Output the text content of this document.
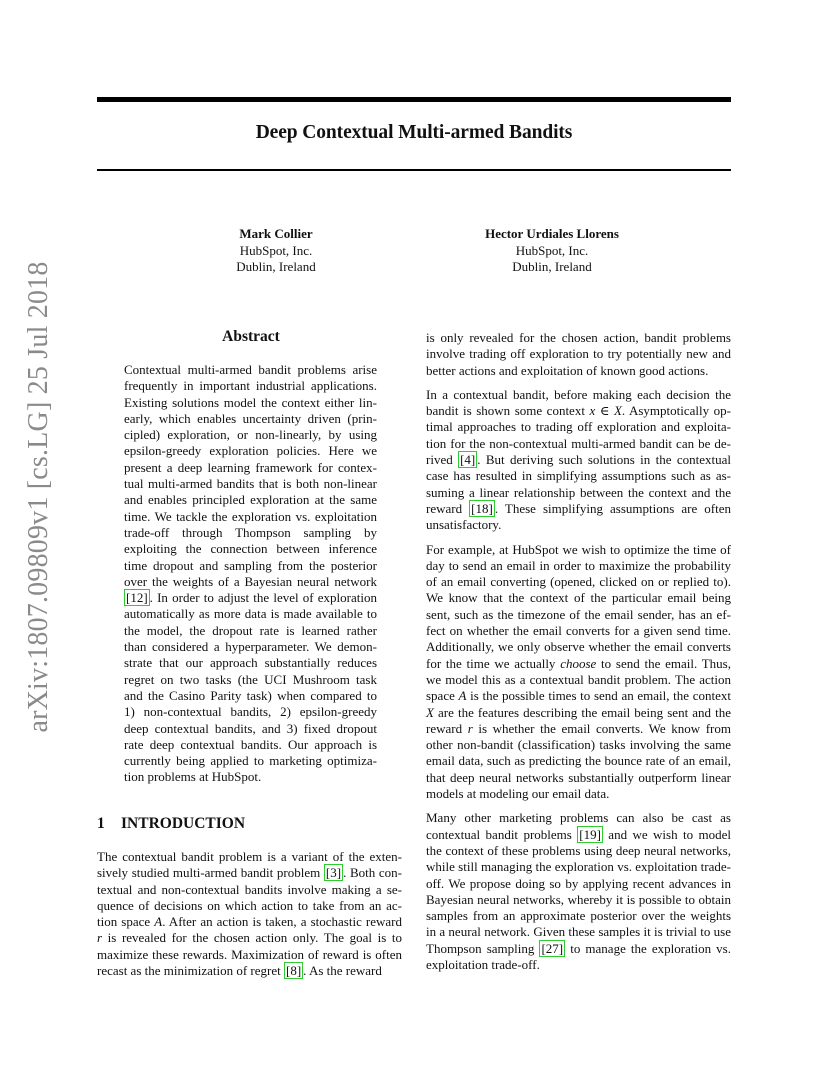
arXiv:1807.09809v1 [cs.LG] 25 Jul 2018
Deep Contextual Multi-armed Bandits
Mark Collier
HubSpot, Inc.
Dublin, Ireland
Hector Urdiales Llorens
HubSpot, Inc.
Dublin, Ireland
Abstract
Contextual multi-armed bandit problems arise frequently in important industrial applications. Existing solutions model the context either linearly, which enables uncertainty driven (principled) exploration, or non-linearly, by using epsilon-greedy exploration policies. Here we present a deep learning framework for contextual multi-armed bandits that is both non-linear and enables principled exploration at the same time. We tackle the exploration vs. exploitation trade-off through Thompson sampling by exploiting the connection between inference time dropout and sampling from the posterior over the weights of a Bayesian neural network [12] . In order to adjust the level of exploration automatically as more data is made available to the model, the dropout rate is learned rather than considered a hyperparameter. We demonstrate that our approach substantially reduces regret on two tasks (the UCI Mushroom task and the Casino Parity task) when compared to 1) non-contextual bandits, 2) epsilon-greedy deep contextual bandits, and 3) fixed dropout rate deep contextual bandits. Our approach is currently being applied to marketing optimization problems at HubSpot.
1 INTRODUCTION
The contextual bandit problem is a variant of the extensively studied multi-armed bandit problem [3] . Both contextual and non-contextual bandits involve making a sequence of decisions on which action to take from an action space A. After an action is taken, a stochastic reward r is revealed for the chosen action only. The goal is to maximize these rewards. Maximization of reward is often recast as the minimization of regret [8] . As the reward

is only revealed for the chosen action, bandit problems involve trading off exploration to try potentially new and better actions and exploitation of known good actions.

In a contextual bandit, before making each decision the bandit is shown some context x ∈ X. Asymptotically optimal approaches to trading off exploration and exploitation for the non-contextual multi-armed bandit can be derived [4] . But deriving such solutions in the contextual case has resulted in simplifying assumptions such as assuming a linear relationship between the context and the reward [18] . These simplifying assumptions are often unsatisfactory.

For example, at HubSpot we wish to optimize the time of day to send an email in order to maximize the probability of an email converting (opened, clicked on or replied to). We know that the context of the particular email being sent, such as the timezone of the email sender, has an effect on whether the email converts for a given send time. Additionally, we only observe whether the email converts for the time we actually choose to send the email. Thus, we model this as a contextual bandit problem. The action space A is the possible times to send an email, the context X are the features describing the email being sent and the reward r is whether the email converts. We know from other non-bandit (classification) tasks involving the same email data, such as predicting the bounce rate of an email, that deep neural networks substantially outperform linear models at modeling our email data.

Many other marketing problems can also be cast as contextual bandit problems [19] and we wish to model the context of these problems using deep neural networks, while still managing the exploration vs. exploitation trade-off. We propose doing so by applying recent advances in Bayesian neural networks, whereby it is possible to obtain samples from an approximate posterior over the weights in a neural network. Given these samples it is trivial to use Thompson sampling [27] to manage the exploration vs. exploitation trade-off.
